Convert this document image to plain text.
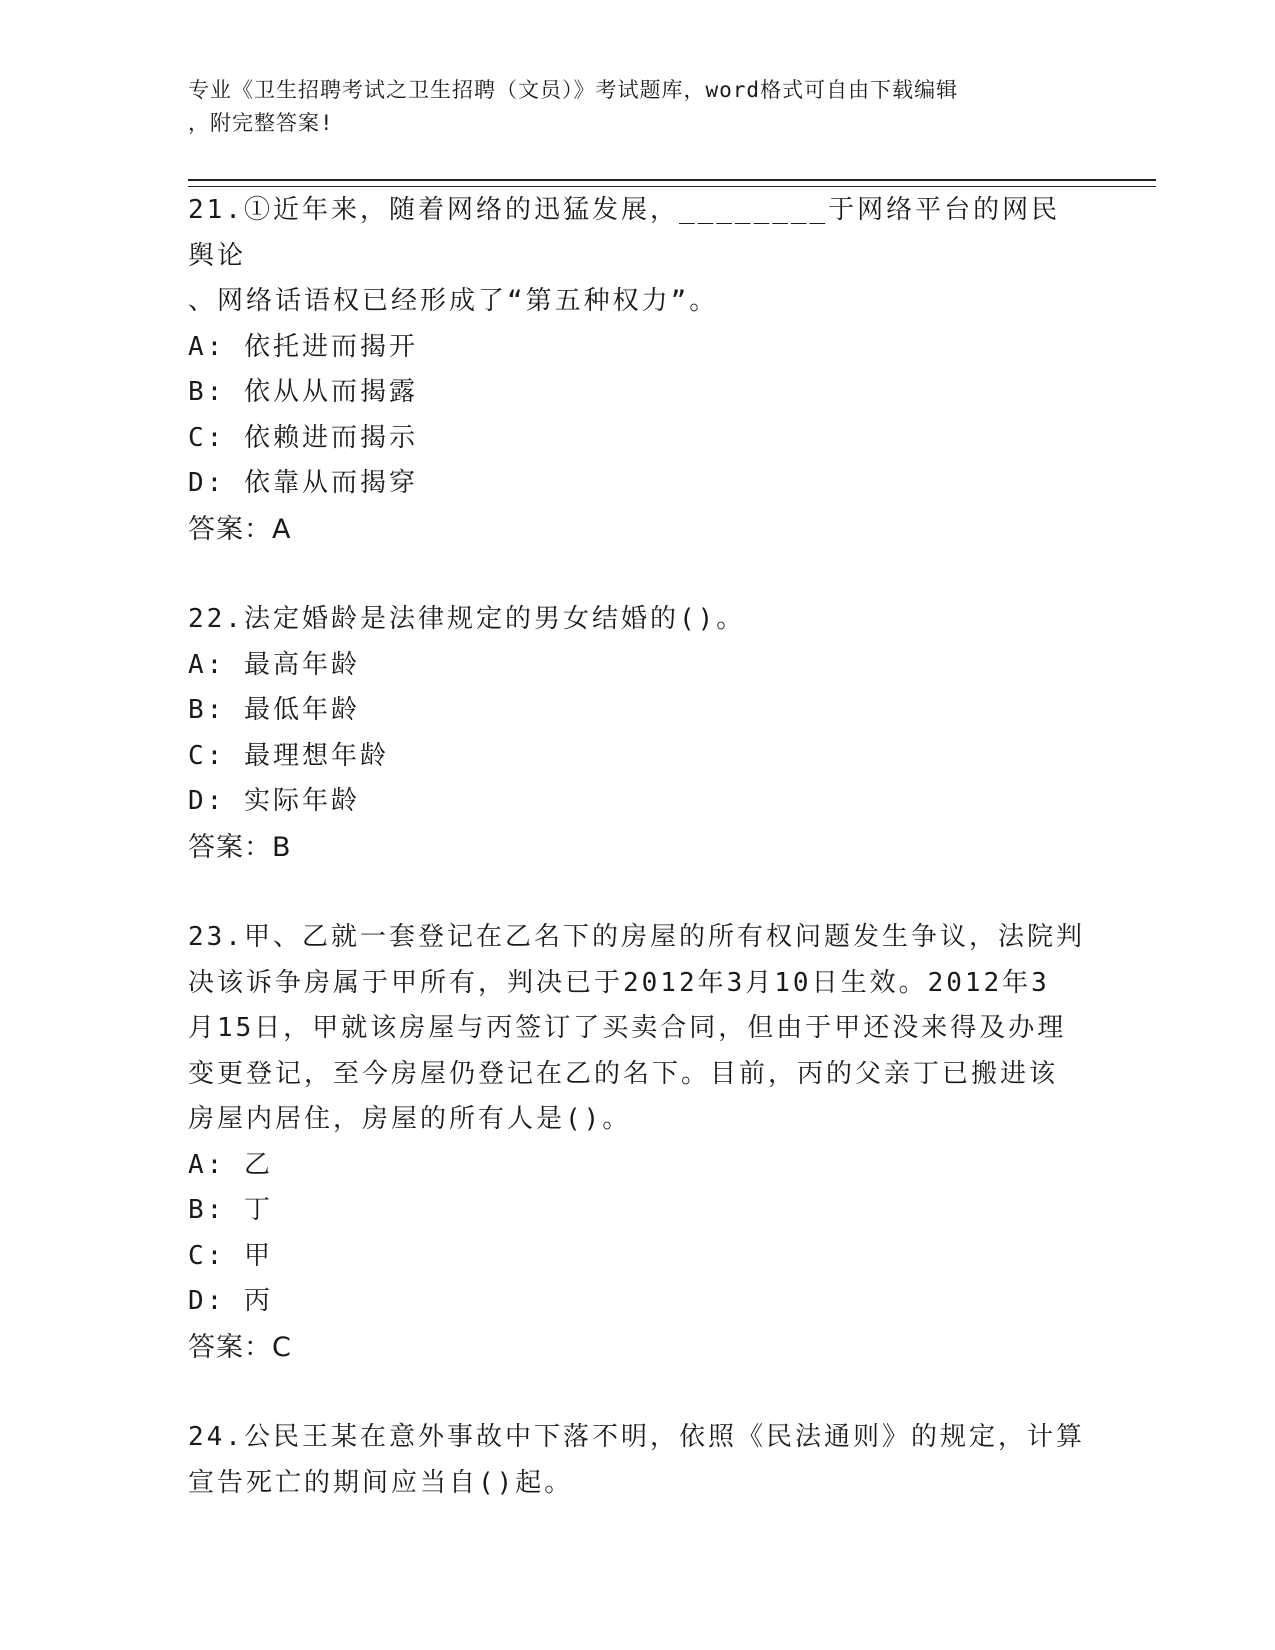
专业《卫生招聘考试之卫生招聘（文员）》考试题库，word格式可自由下载编辑
，附完整答案!

21.①近年来，随着网络的迅猛发展，________于网络平台的网民舆论

、网络话语权已经形成了“第五种权力”。

A: 依托进而揭开

B: 依从从而揭露

C: 依赖进而揭示

D: 依靠从而揭穿

答案：A

22.法定婚龄是法律规定的男女结婚的()。

A: 最高年龄

B: 最低年龄

C: 最理想年龄

D: 实际年龄

答案：B

23.甲、乙就一套登记在乙名下的房屋的所有权问题发生争议，法院判

决该诉争房属于甲所有，判决已于2012年3月10日生效。2012年3

月15日，甲就该房屋与丙签订了买卖合同，但由于甲还没来得及办理

变更登记，至今房屋仍登记在乙的名下。目前，丙的父亲丁已搬进该

房屋内居住，房屋的所有人是()。

A: 乙

B: 丁

C: 甲

D: 丙

答案：C

24.公民王某在意外事故中下落不明，依照《民法通则》的规定，计算

宣告死亡的期间应当自()起。
